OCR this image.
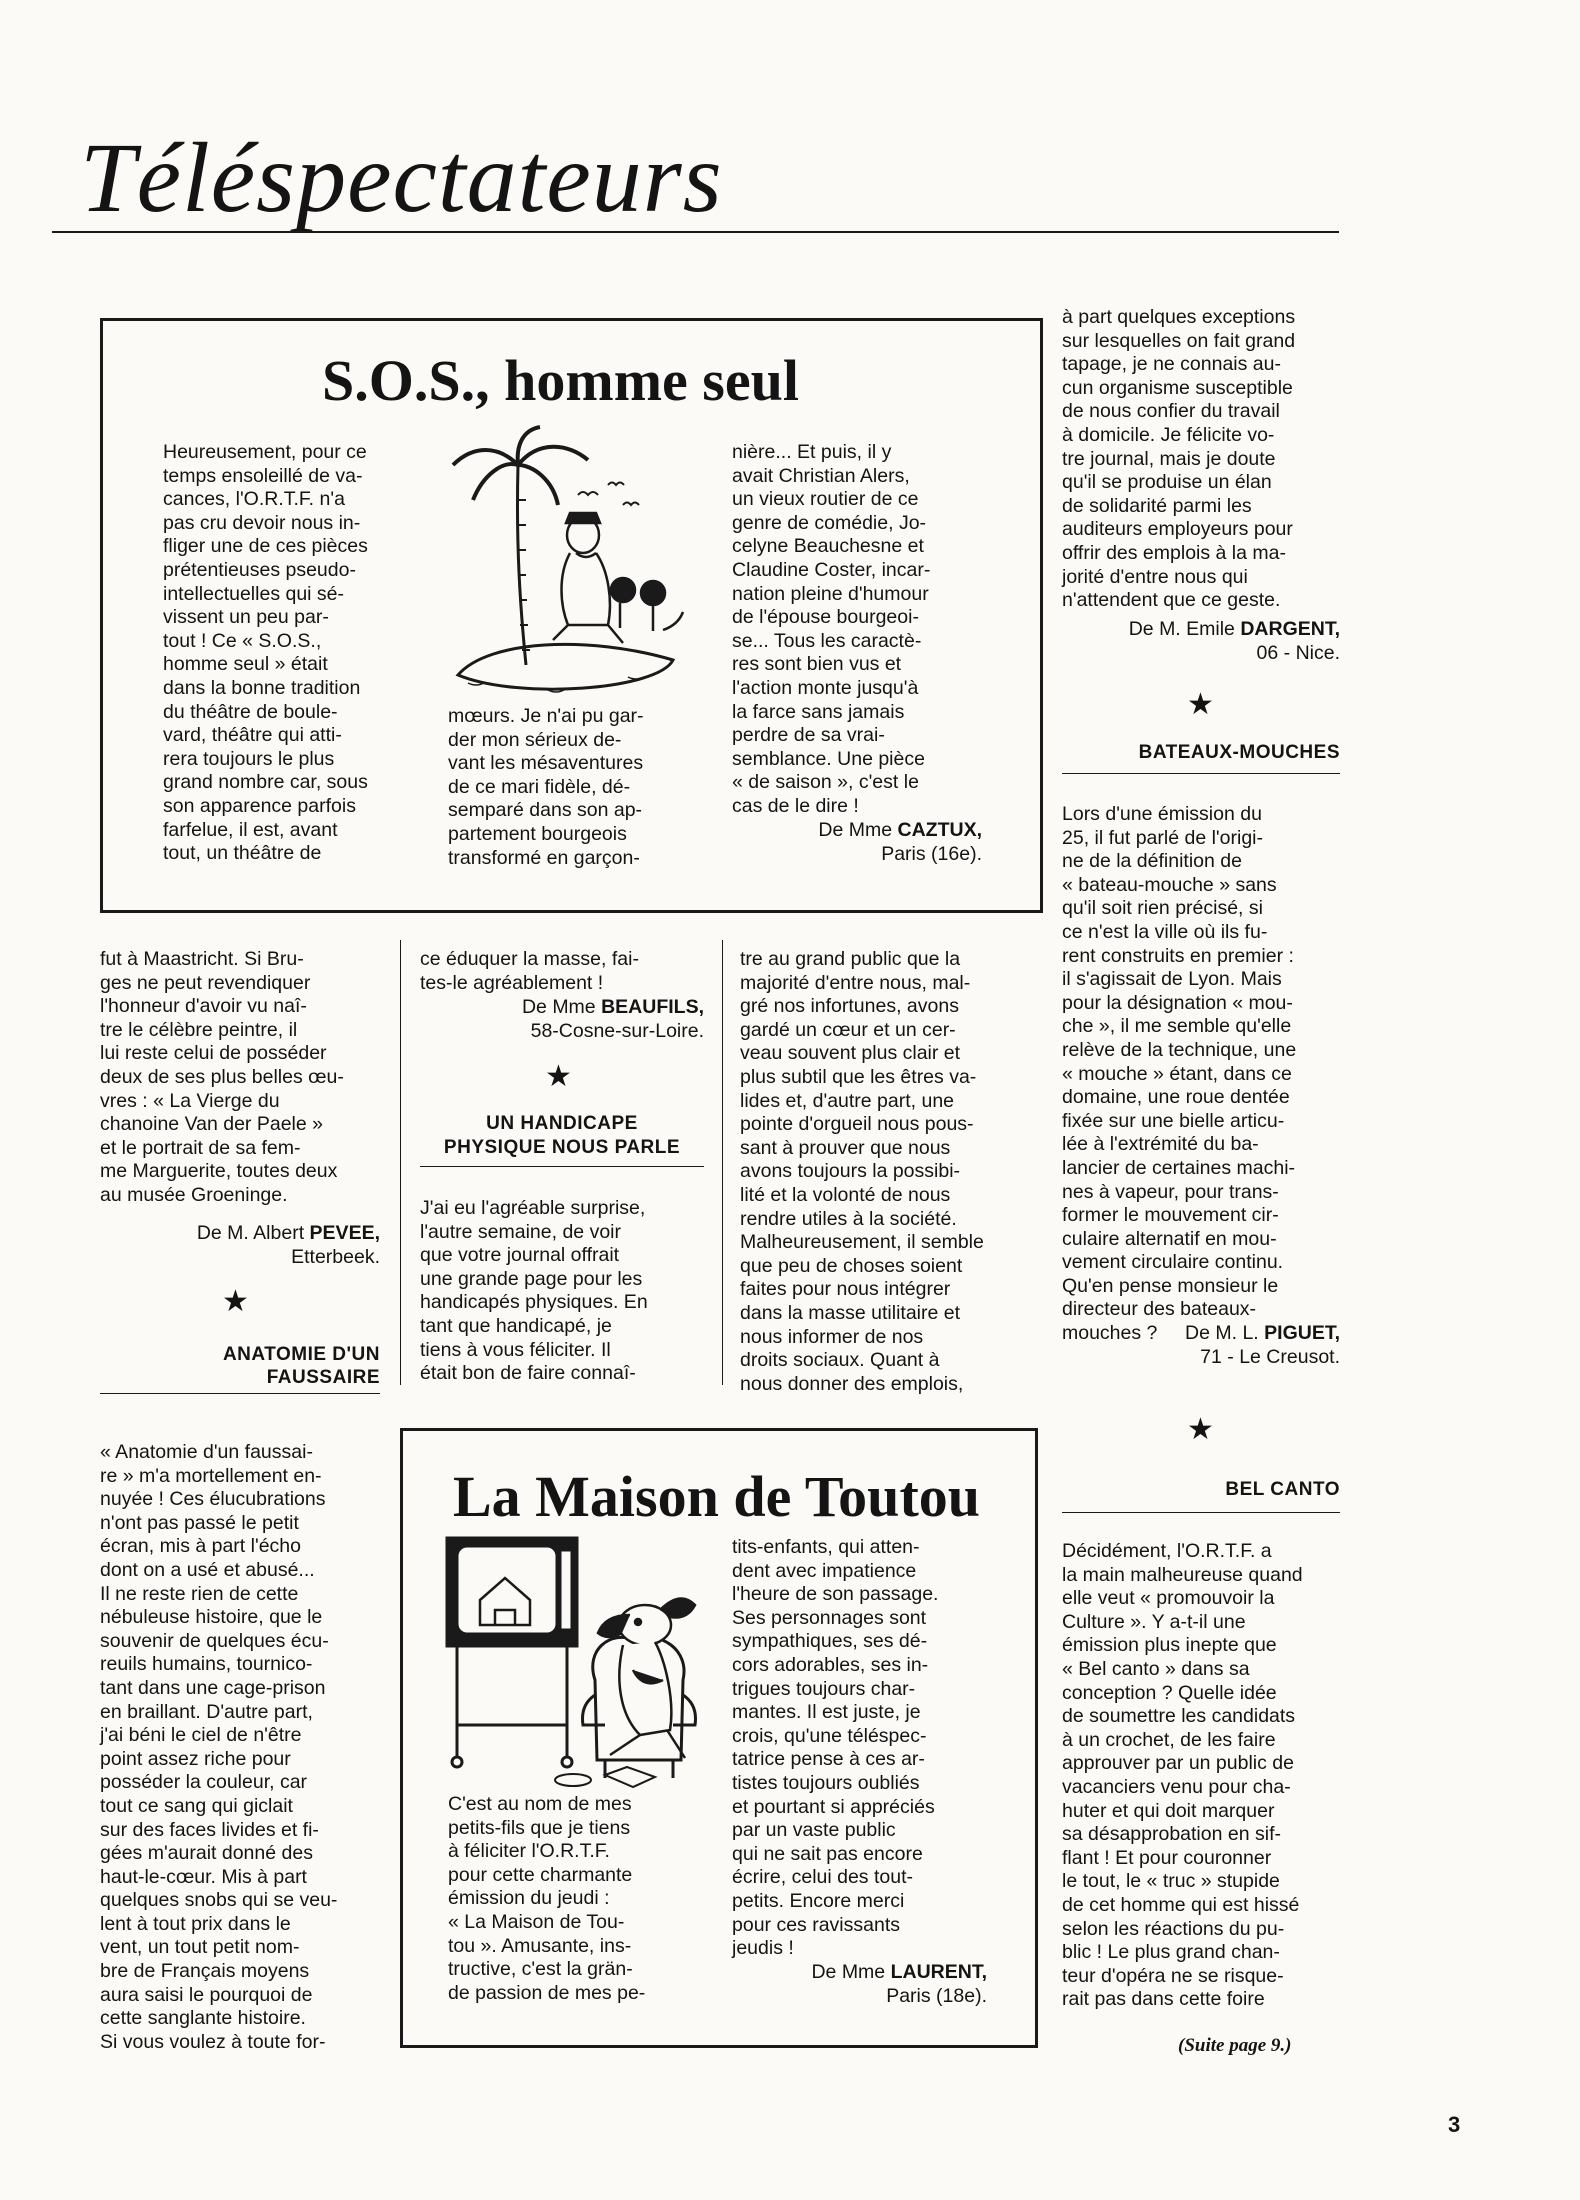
Téléspectateurs
S.O.S., homme seul
Heureusement, pour ce
temps ensoleillé de va-
cances, l'O.R.T.F. n'a
pas cru devoir nous in-
fliger une de ces pièces
prétentieuses pseudo-
intellectuelles qui sé-
vissent un peu par-
tout ! Ce « S.O.S.,
homme seul » était
dans la bonne tradition
du théâtre de boule-
vard, théâtre qui atti-
rera toujours le plus
grand nombre car, sous
son apparence parfois
farfelue, il est, avant
tout, un théâtre de
mœurs. Je n'ai pu gar-
der mon sérieux de-
vant les mésaventures
de ce mari fidèle, dé-
semparé dans son ap-
partement bourgeois
transformé en garçon-
nière... Et puis, il y
avait Christian Alers,
un vieux routier de ce
genre de comédie, Jo-
celyne Beauchesne et
Claudine Coster, incar-
nation pleine d'humour
de l'épouse bourgeoi-
se... Tous les caractè-
res sont bien vus et
l'action monte jusqu'à
la farce sans jamais
perdre de sa vrai-
semblance. Une pièce
« de saison », c'est le
cas de le dire !
De Mme CAZTUX,
Paris (16e).
à part quelques exceptions
sur lesquelles on fait grand
tapage, je ne connais au-
cun organisme susceptible
de nous confier du travail
à domicile. Je félicite vo-
tre journal, mais je doute
qu'il se produise un élan
de solidarité parmi les
auditeurs employeurs pour
offrir des emplois à la ma-
jorité d'entre nous qui
n'attendent que ce geste.
De M. Emile DARGENT,
06 - Nice.
★
BATEAUX-MOUCHES
Lors d'une émission du
25, il fut parlé de l'origi-
ne de la définition de
« bateau-mouche » sans
qu'il soit rien précisé, si
ce n'est la ville où ils fu-
rent construits en premier :
il s'agissait de Lyon. Mais
pour la désignation « mou-
che », il me semble qu'elle
relève de la technique, une
« mouche » étant, dans ce
domaine, une roue dentée
fixée sur une bielle articu-
lée à l'extrémité du ba-
lancier de certaines machi-
nes à vapeur, pour trans-
former le mouvement cir-
culaire alternatif en mou-
vement circulaire continu.
Qu'en pense monsieur le
directeur des bateaux-
mouches ?	De M. L. PIGUET,
71 - Le Creusot.
★
BEL CANTO
Décidément, l'O.R.T.F. a
la main malheureuse quand
elle veut « promouvoir la
Culture ». Y a-t-il une
émission plus inepte que
« Bel canto » dans sa
conception ? Quelle idée
de soumettre les candidats
à un crochet, de les faire
approuver par un public de
vacanciers venu pour cha-
huter et qui doit marquer
sa désapprobation en sif-
flant ! Et pour couronner
le tout, le « truc » stupide
de cet homme qui est hissé
selon les réactions du pu-
blic ! Le plus grand chan-
teur d'opéra ne se risque-
rait pas dans cette foire
(Suite page 9.)
fut à Maastricht. Si Bru-
ges ne peut revendiquer
l'honneur d'avoir vu naî-
tre le célèbre peintre, il
lui reste celui de posséder
deux de ses plus belles œu-
vres : « La Vierge du
chanoine Van der Paele »
et le portrait de sa fem-
me Marguerite, toutes deux
au musée Groeninge.
De M. Albert PEVEE,
Etterbeek.
★
ANATOMIE D'UN
FAUSSAIRE
ce éduquer la masse, fai-
tes-le agréablement !
De Mme BEAUFILS,
58-Cosne-sur-Loire.
★
UN HANDICAPE
PHYSIQUE NOUS PARLE
J'ai eu l'agréable surprise,
l'autre semaine, de voir
que votre journal offrait
une grande page pour les
handicapés physiques. En
tant que handicapé, je
tiens à vous féliciter. Il
était bon de faire connaî-
tre au grand public que la
majorité d'entre nous, mal-
gré nos infortunes, avons
gardé un cœur et un cer-
veau souvent plus clair et
plus subtil que les êtres va-
lides et, d'autre part, une
pointe d'orgueil nous pous-
sant à prouver que nous
avons toujours la possibi-
lité et la volonté de nous
rendre utiles à la société.
Malheureusement, il semble
que peu de choses soient
faites pour nous intégrer
dans la masse utilitaire et
nous informer de nos
droits sociaux. Quant à
nous donner des emplois,
« Anatomie d'un faussai-
re » m'a mortellement en-
nuyée ! Ces élucubrations
n'ont pas passé le petit
écran, mis à part l'écho
dont on a usé et abusé...
Il ne reste rien de cette
nébuleuse histoire, que le
souvenir de quelques écu-
reuils humains, tournico-
tant dans une cage-prison
en braillant. D'autre part,
j'ai béni le ciel de n'être
point assez riche pour
posséder la couleur, car
tout ce sang qui giclait
sur des faces livides et fi-
gées m'aurait donné des
haut-le-cœur. Mis à part
quelques snobs qui se veu-
lent à tout prix dans le
vent, un tout petit nom-
bre de Français moyens
aura saisi le pourquoi de
cette sanglante histoire.
Si vous voulez à toute for-
La Maison de Toutou
C'est au nom de mes
petits-fils que je tiens
à féliciter l'O.R.T.F.
pour cette charmante
émission du jeudi :
« La Maison de Tou-
tou ». Amusante, ins-
tructive, c'est la grän-
de passion de mes pe-
tits-enfants, qui atten-
dent avec impatience
l'heure de son passage.
Ses personnages sont
sympathiques, ses dé-
cors adorables, ses in-
trigues toujours char-
mantes. Il est juste, je
crois, qu'une téléspec-
tatrice pense à ces ar-
tistes toujours oubliés
et pourtant si appréciés
par un vaste public
qui ne sait pas encore
écrire, celui des tout-
petits. Encore merci
pour ces ravissants
jeudis !
De Mme LAURENT,
Paris (18e).
3
